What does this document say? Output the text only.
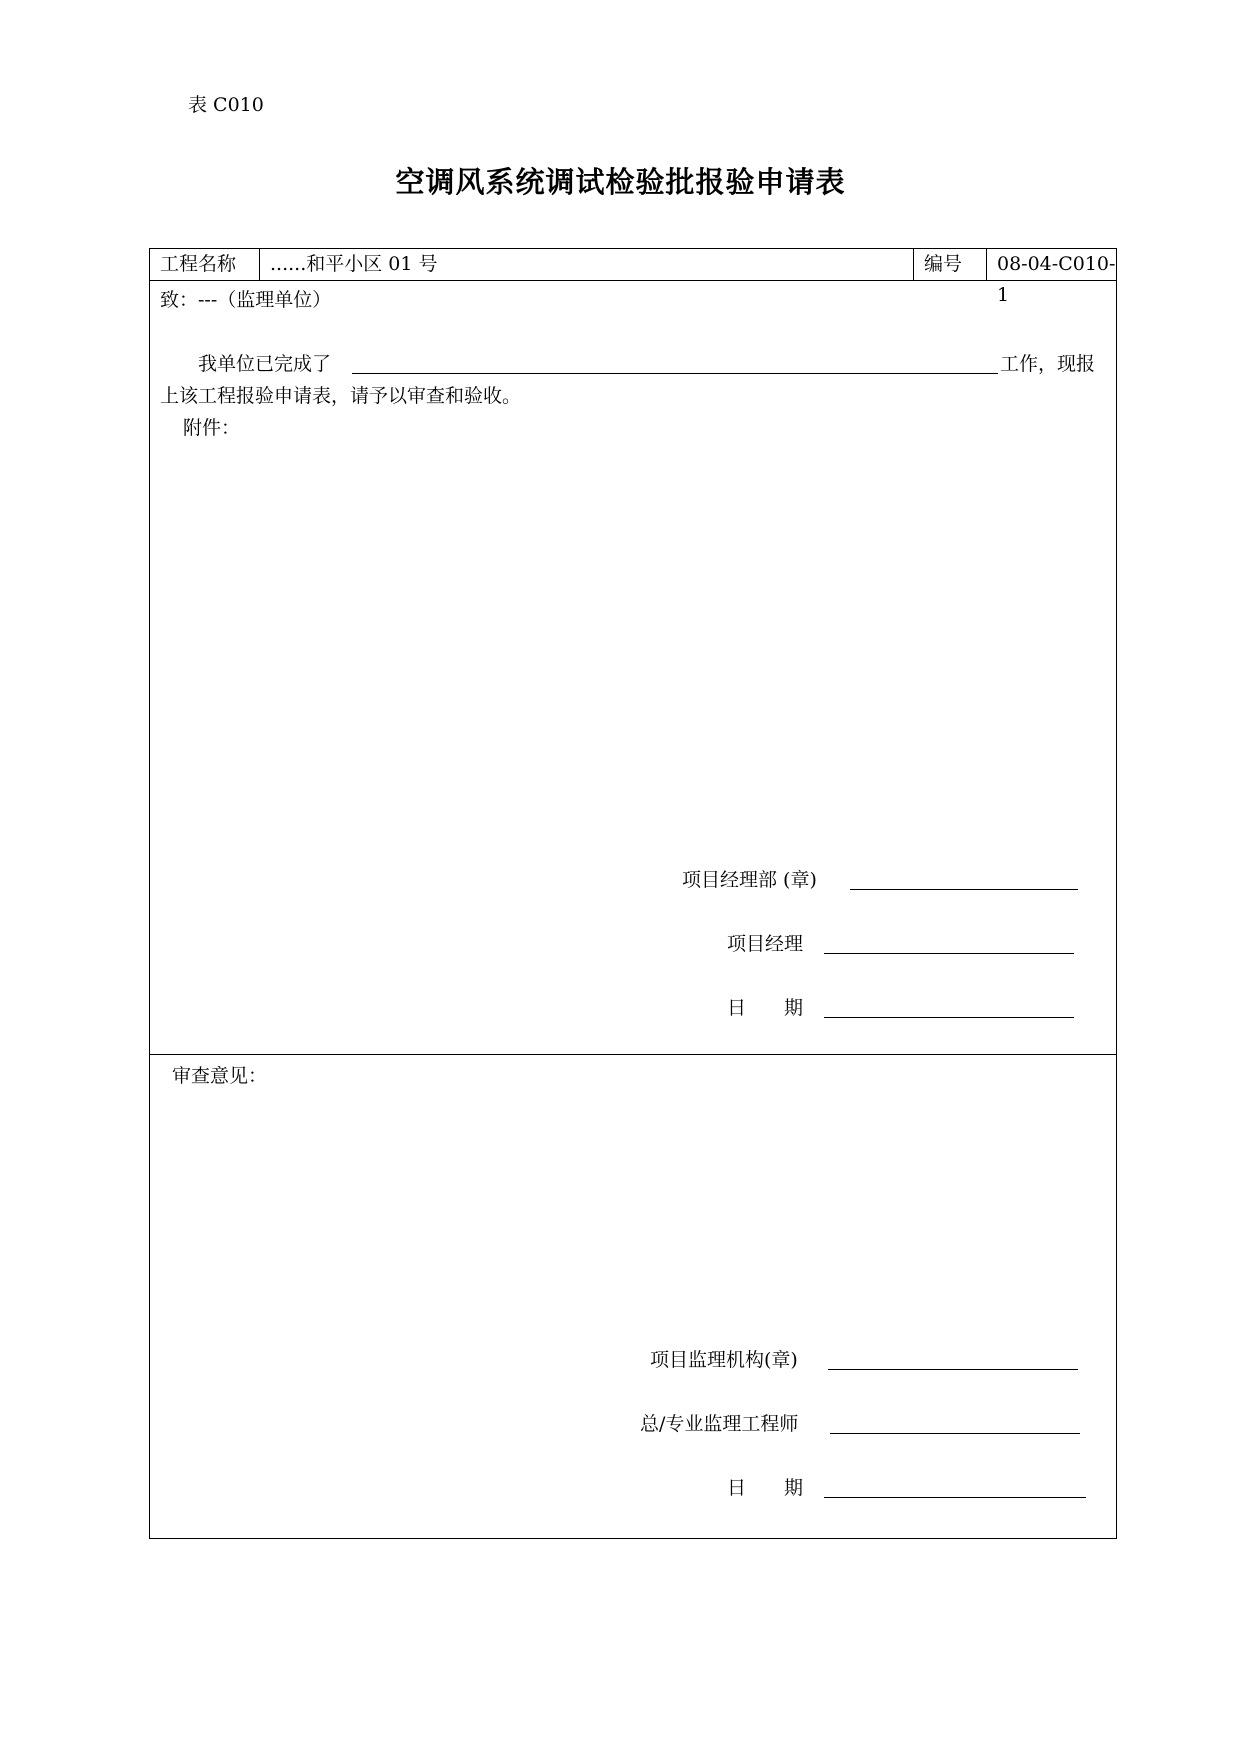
表 C010
空调风系统调试检验批报验申请表
工程名称	......和平小区 01 号	编号	08-04-C010-1
致：---（监理单位）
我单位已完成了	工作，现报
上该工程报验申请表，请予以审查和验收。
附件：
项目经理部 (章)
项目经理
日　　期
审查意见：
项目监理机构(章)
总/专业监理工程师
日　　期
